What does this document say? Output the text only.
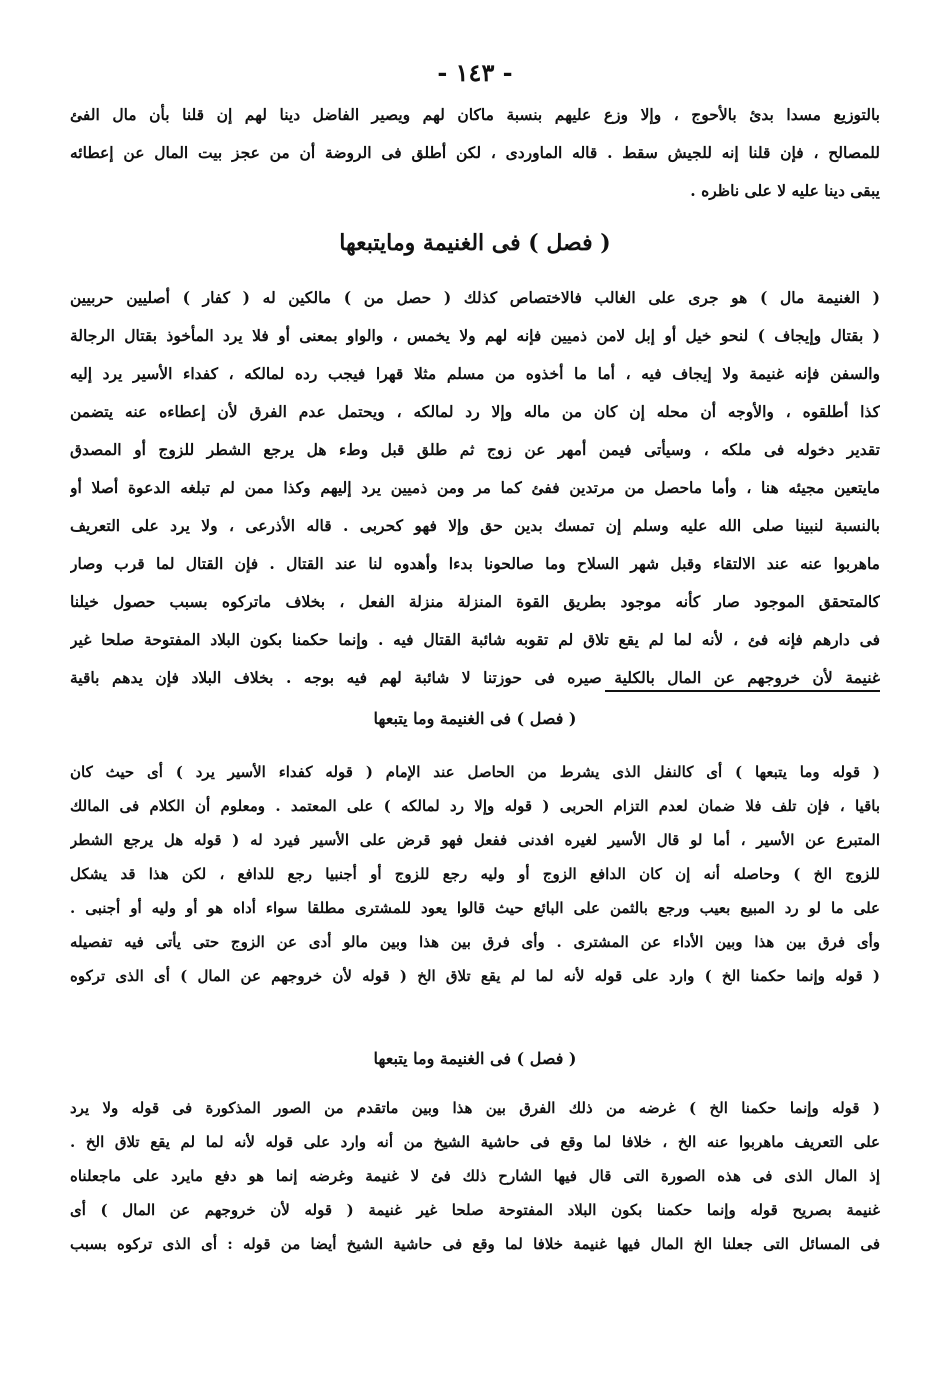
- ١٤٣ -
بالتوزيع مسدا بدئ بالأحوج ، وإلا وزع عليهم بنسبة ماكان لهم ويصير الفاضل دينا لهم إن قلنا بأن مال الفئ
للمصالح ، فإن قلنا إنه للجيش سقط . قاله الماوردى ، لكن أطلق فى الروضة أن من عجز بيت المال عن إعطائه
يبقى دينا عليه لا على ناظره .
( فصل ) فى الغنيمة ومايتبعها
( الغنيمة مال ) هو جرى على الغالب فالاختصاص كذلك ( حصل من ) مالكين له ( كفار ) أصليين حربيين
( بقتال وإيجاف ) لنحو خيل أو إبل لامن ذميين فإنه لهم ولا يخمس ، والواو بمعنى أو فلا يرد المأخوذ بقتال الرجالة
والسفن فإنه غنيمة ولا إيجاف فيه ، أما ما أخذوه من مسلم مثلا قهرا فيجب رده لمالكه ، كفداء الأسير يرد إليه
كذا أطلقوه ، والأوجه أن محله إن كان من ماله وإلا رد لمالكه ، ويحتمل عدم الفرق لأن إعطاءه عنه يتضمن
تقدير دخوله فى ملكه ، وسيأتى فيمن أمهر عن زوج ثم طلق قبل وطء هل يرجع الشطر للزوج أو المصدق
مايتعين مجيئه هنا ، وأما ماحصل من مرتدين ففئ كما مر ومن ذميين يرد إليهم وكذا ممن لم تبلغه الدعوة أصلا أو
بالنسبة لنبينا صلى الله عليه وسلم إن تمسك بدين حق وإلا فهو كحربى . قاله الأذرعى ، ولا يرد على التعريف
ماهربوا عنه عند الالتقاء وقبل شهر السلاح وما صالحونا بدءا وأهدوه لنا عند القتال . فإن القتال لما قرب وصار
كالمتحقق الموجود صار كأنه موجود بطريق القوة المنزلة منزلة الفعل ، بخلاف ماتركوه بسبب حصول خيلنا
فى دارهم فإنه فئ ، لأنه لما لم يقع تلاق لم تقوبه شائبة القتال فيه . وإنما حكمنا بكون البلاد المفتوحة صلحا غير
غنيمة لأن خروجهم عن المال بالكلية صيره فى حوزتنا لا شائبة لهم فيه بوجه . بخلاف البلاد فإن يدهم باقية
( فصل ) فى الغنيمة وما يتبعها
( قوله وما يتبعها ) أى كالنفل الذى يشرط من الحاصل عند الإمام ( قوله كفداء الأسير يرد ) أى حيث كان
باقيا ، فإن تلف فلا ضمان لعدم التزام الحربى ( قوله وإلا رد لمالكه ) على المعتمد . ومعلوم أن الكلام فى المالك
المتبرع عن الأسير ، أما لو قال الأسير لغيره افدنى ففعل فهو قرض على الأسير فيرد له ( قوله هل يرجع الشطر
للزوج الخ ) وحاصله أنه إن كان الدافع الزوج أو وليه رجع للزوج أو أجنبيا رجع للدافع ، لكن هذا قد يشكل
على ما لو رد المبيع بعيب ورجع بالثمن على البائع حيث قالوا يعود للمشترى مطلقا سواء أداه هو أو وليه أو أجنبى .
وأى فرق بين هذا وبين الأداء عن المشترى . وأى فرق بين هذا وبين مالو أدى عن الزوج حتى يأتى فيه تفصيله
( قوله وإنما حكمنا الخ ) وارد على قوله لأنه لما لم يقع تلاق الخ ( قوله لأن خروجهم عن المال ) أى الذى تركوه
( فصل ) فى الغنيمة وما يتبعها
( قوله وإنما حكمنا الخ ) غرضه من ذلك الفرق بين هذا وبين ماتقدم من الصور المذكورة فى قوله ولا يرد
على التعريف ماهربوا عنه الخ ، خلافا لما وقع فى حاشية الشيخ من أنه وارد على قوله لأنه لما لم يقع تلاق الخ .
إذ المال الذى فى هذه الصورة التى قال فيها الشارح ذلك فئ لا غنيمة وغرضه إنما هو دفع مايرد على ماجعلناه
غنيمة بصريح قوله وإنما حكمنا بكون البلاد المفتوحة صلحا غير غنيمة ( قوله لأن خروجهم عن المال ) أى
فى المسائل التى جعلنا الخ المال فيها غنيمة خلافا لما وقع فى حاشية الشيخ أيضا من قوله : أى الذى تركوه بسبب
